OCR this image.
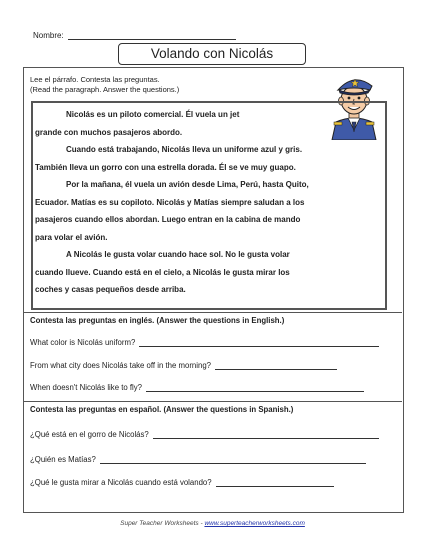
Nombre:
Volando con Nicolás
Lee el párrafo. Contesta las preguntas.
(Read the paragraph. Answer the questions.)
Nicolás es un piloto comercial. Él vuela un jet
grande con muchos pasajeros abordo.
Cuando está trabajando, Nicolás lleva un uniforme azul y gris.
También lleva un gorro con una estrella dorada. Él se ve muy guapo.
Por la mañana, él vuela un avión desde Lima, Perú, hasta Quito,
Ecuador. Matías es su copiloto. Nicolás y Matías siempre saludan a los
pasajeros cuando ellos abordan. Luego entran en la cabina de mando
para volar el avión.
A Nicolás le gusta volar cuando hace sol. No le gusta volar
cuando llueve. Cuando está en el cielo, a Nicolás le gusta mirar los
coches y casas pequeños desde arriba.
Contesta las preguntas en inglés. (Answer the questions in English.)
What color is Nicolás uniform?
From what city does Nicolás take off in the morning?
When doesn't Nicolás like to fly?
Contesta las preguntas en español. (Answer the questions in Spanish.)
¿Qué está en el gorro de Nicolás?
¿Quién es Matías?
¿Qué le gusta mirar a Nicolás cuando está volando?
Super Teacher Worksheets - www.superteacherworksheets.com
